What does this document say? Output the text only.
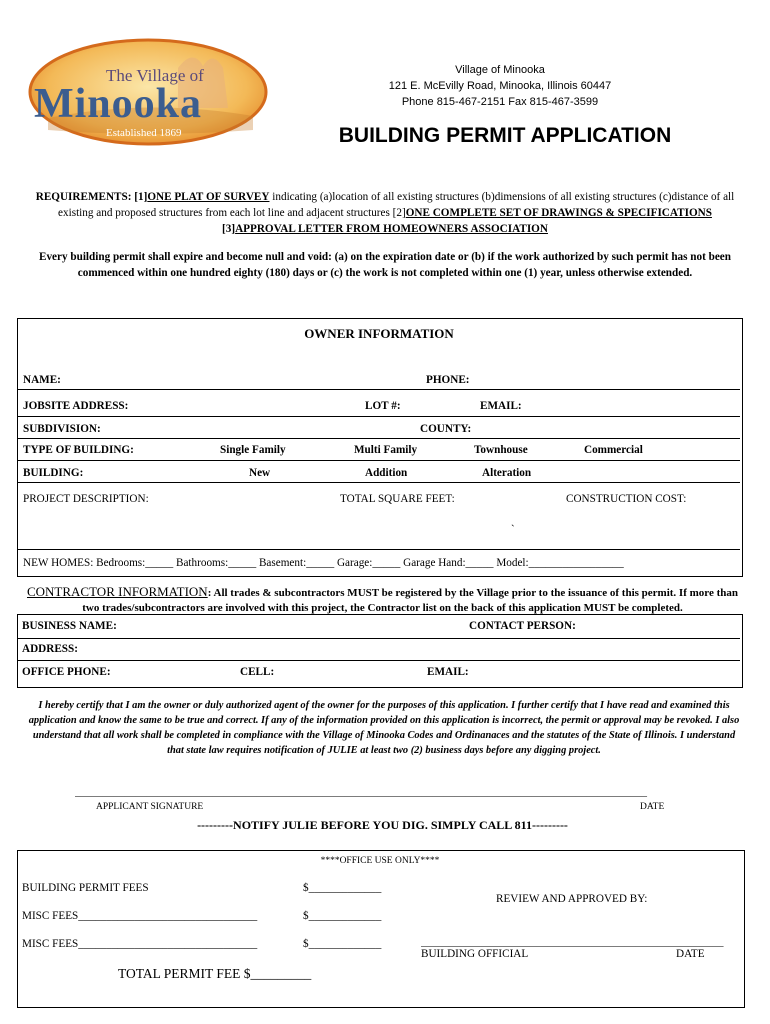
The Village of
Minooka
Established 1869
Village of Minooka
121 E. McEvilly Road, Minooka, Illinois 60447
Phone 815-467-2151 Fax 815-467-3599
BUILDING PERMIT APPLICATION
REQUIREMENTS: [1]ONE PLAT OF SURVEY indicating (a)location of all existing structures (b)dimensions of all existing structures (c)distance of all existing and proposed structures from each lot line and adjacent structures [2]ONE COMPLETE SET OF DRAWINGS & SPECIFICATIONS [3]APPROVAL LETTER FROM HOMEOWNERS ASSOCIATION
Every building permit shall expire and become null and void: (a) on the expiration date or (b) if the work authorized by such permit has not been commenced within one hundred eighty (180) days or (c) the work is not completed within one (1) year, unless otherwise extended.
OWNER INFORMATION
NAME:	PHONE:
JOBSITE ADDRESS:	LOT #:	EMAIL:
SUBDIVISION:	COUNTY:
TYPE OF BUILDING:	Single Family	Multi Family	Townhouse	Commercial
BUILDING:	New	Addition	Alteration
PROJECT DESCRIPTION:	TOTAL SQUARE FEET:	CONSTRUCTION COST:
`
NEW HOMES: Bedrooms:_____ Bathrooms:_____ Basement:_____ Garage:_____ Garage Hand:_____ Model:_________________
CONTRACTOR INFORMATION: All trades & subcontractors MUST be registered by the Village prior to the issuance of this permit. If more than two trades/subcontractors are involved with this project, the Contractor list on the back of this application MUST be completed.
BUSINESS NAME:	CONTACT PERSON:
ADDRESS:
OFFICE PHONE:	CELL:	EMAIL:
I hereby certify that I am the owner or duly authorized agent of the owner for the purposes of this application. I further certify that I have read and examined this application and know the same to be true and correct. If any of the information provided on this application is incorrect, the permit or approval may be revoked. I also understand that all work shall be completed in compliance with the Village of Minooka Codes and Ordinanaces and the statutes of the State of Illinois. I understand that state law requires notification of JULIE at least two (2) business days before any digging project.
________________________________________________________________________________________________________
APPLICANT SIGNATURE	DATE
---------NOTIFY JULIE BEFORE YOU DIG. SIMPLY CALL 811---------
****OFFICE USE ONLY****
BUILDING PERMIT FEES	$_____________
MISC FEES________________________________	$_____________
MISC FEES________________________________	$_____________
TOTAL PERMIT FEE $_________
REVIEW AND APPROVED BY:
_______________________________________________________
BUILDING OFFICIAL	DATE
